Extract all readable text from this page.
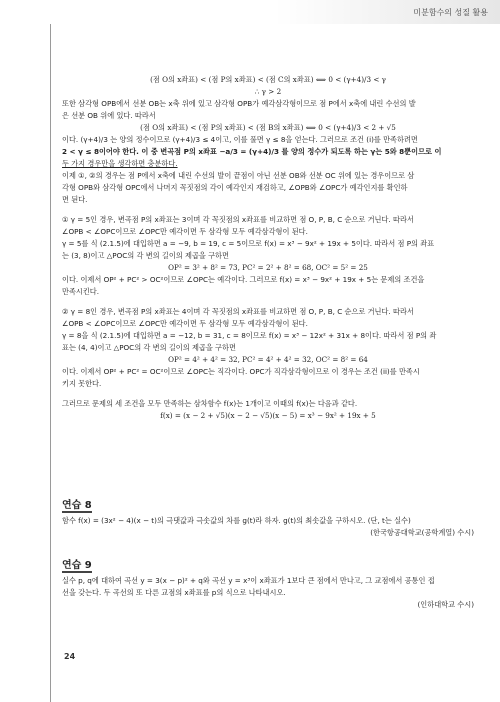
미분함수의 성질 활용

(점 O의 x좌표) < (점 P의 x좌표) < (점 C의 x좌표) ⟺ 0 < (γ+4)/3 < γ

∴ γ > 2

또한 삼각형 OPB에서 선분 OB는 x축 위에 있고 삼각형 OPB가 예각삼각형이므로 점 P에서 x축에 내린 수선의 발

은 선분 OB 위에 있다. 따라서

(점 O의 x좌표) < (점 P의 x좌표) < (점 B의 x좌표) ⟺ 0 < (γ+4)/3 < 2 + √5

이다. (γ+4)/3 는 양의 정수이므로 (γ+4)/3 ≤ 4이고, 이를 풀면 γ ≤ 8을 얻는다. 그러므로 조건 (i)를 만족하려면

2 < γ ≤ 8이어야 한다. 이 중 변곡점 P의 x좌표 −a/3 = (γ+4)/3 를 양의 정수가 되도록 하는 γ는 5와 8뿐이므로 이

두 가지 경우만을 생각하면 충분하다.

이제 ①, ②의 경우는 점 P에서 x축에 내린 수선의 발이 끝점이 아닌 선분 OB와 선분 OC 위에 있는 경우이므로 삼

각형 OPB와 삼각형 OPC에서 나머지 꼭짓점의 각이 예각인지 재검하고, ∠OPB와 ∠OPC가 예각인지를 확인하

면 된다.

① γ = 5인 경우, 변곡점 P의 x좌표는 3이며 각 꼭짓점의 x좌표를 비교하면 점 O, P, B, C 순으로 거닌다. 따라서

∠OPB < ∠OPC이므로 ∠OPC만 예각이면 두 삼각형 모두 예각삼각형이 된다.

γ = 5를 식 (2.1.5)에 대입하면 a = −9, b = 19, c = 5이므로 f(x) = x³ − 9x² + 19x + 5이다. 따라서 점 P의 좌표

는 (3, 8)이고 △POC의 각 변의 길이의 제곱을 구하면

OP² = 3² + 8² = 73, PC² = 2² + 8² = 68, OC² = 5² = 25

이다. 이제서 OP² + PC² > OC²이므로 ∠OPC는 예각이다. 그러므로 f(x) = x³ − 9x² + 19x + 5는 문제의 조건을

만족시킨다.

② γ = 8인 경우, 변곡점 P의 x좌표는 4이며 각 꼭짓점의 x좌표를 비교하면 점 O, P, B, C 순으로 거닌다. 따라서

∠OPB < ∠OPC이므로 ∠OPC만 예각이면 두 삼각형 모두 예각삼각형이 된다.

γ = 8을 식 (2.1.5)에 대입하면 a = −12, b = 31, c = 8이므로 f(x) = x³ − 12x² + 31x + 8이다. 따라서 점 P의 좌

표는 (4, 4)이고 △POC의 각 변의 길이의 제곱을 구하면

OP² = 4² + 4² = 32, PC² = 4² + 4² = 32, OC² = 8² = 64

이다. 이제서 OP² + PC² = OC²이므로 ∠OPC는 직각이다. OPC가 직각삼각형이므로 이 경우는 조건 (ii)를 만족시

키지 못한다.

그러므로 문제의 세 조건을 모두 만족하는 삼차함수 f(x)는 1개이고 이때의 f(x)는 다음과 같다.

f(x) = (x − 2 + √5)(x − 2 − √5)(x − 5) = x³ − 9x² + 19x + 5

연습 8

함수 f(x) = (3x² − 4)(x − t)의 극댓값과 극솟값의 차를 g(t)라 하자. g(t)의 최솟값을 구하시오. (단, t는 실수)

(한국항공대학교(공학계열) 수시)

연습 9

실수 p, q에 대하여 곡선 y = 3(x − p)² + q와 곡선 y = x³이 x좌표가 1보다 큰 점에서 만나고, 그 교점에서 공통인 접

선을 갖는다. 두 곡선의 또 다른 교점의 x좌표를 p의 식으로 나타내시오.

(인하대학교 수시)

24
